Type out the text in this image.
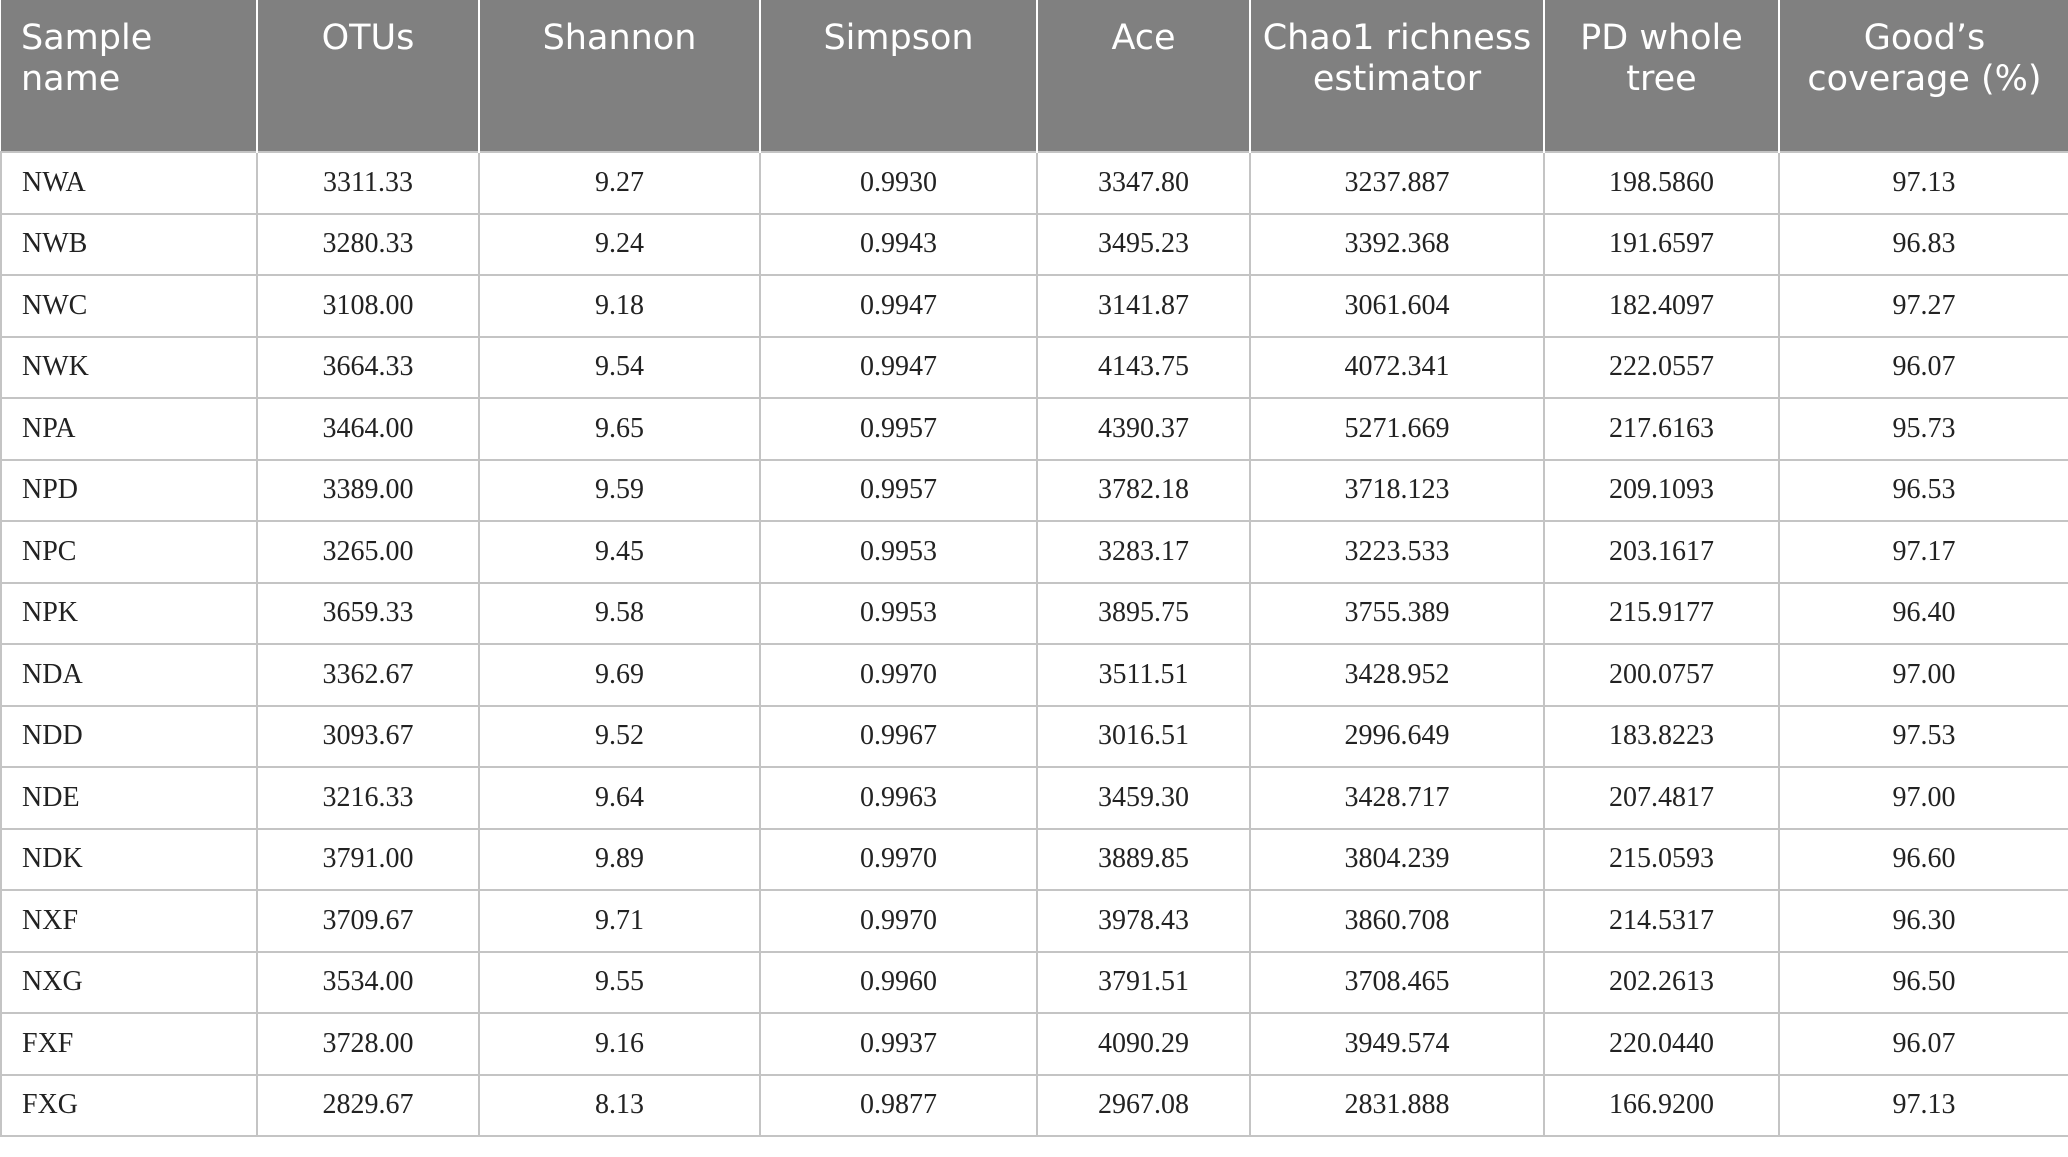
Sample name	OTUs	Shannon	Simpson	Ace	Chao1 richness estimator	PD whole tree	Good’s coverage (%)
NWA	3311.33	9.27	0.9930	3347.80	3237.887	198.5860	97.13
NWB	3280.33	9.24	0.9943	3495.23	3392.368	191.6597	96.83
NWC	3108.00	9.18	0.9947	3141.87	3061.604	182.4097	97.27
NWK	3664.33	9.54	0.9947	4143.75	4072.341	222.0557	96.07
NPA	3464.00	9.65	0.9957	4390.37	5271.669	217.6163	95.73
NPD	3389.00	9.59	0.9957	3782.18	3718.123	209.1093	96.53
NPC	3265.00	9.45	0.9953	3283.17	3223.533	203.1617	97.17
NPK	3659.33	9.58	0.9953	3895.75	3755.389	215.9177	96.40
NDA	3362.67	9.69	0.9970	3511.51	3428.952	200.0757	97.00
NDD	3093.67	9.52	0.9967	3016.51	2996.649	183.8223	97.53
NDE	3216.33	9.64	0.9963	3459.30	3428.717	207.4817	97.00
NDK	3791.00	9.89	0.9970	3889.85	3804.239	215.0593	96.60
NXF	3709.67	9.71	0.9970	3978.43	3860.708	214.5317	96.30
NXG	3534.00	9.55	0.9960	3791.51	3708.465	202.2613	96.50
FXF	3728.00	9.16	0.9937	4090.29	3949.574	220.0440	96.07
FXG	2829.67	8.13	0.9877	2967.08	2831.888	166.9200	97.13
